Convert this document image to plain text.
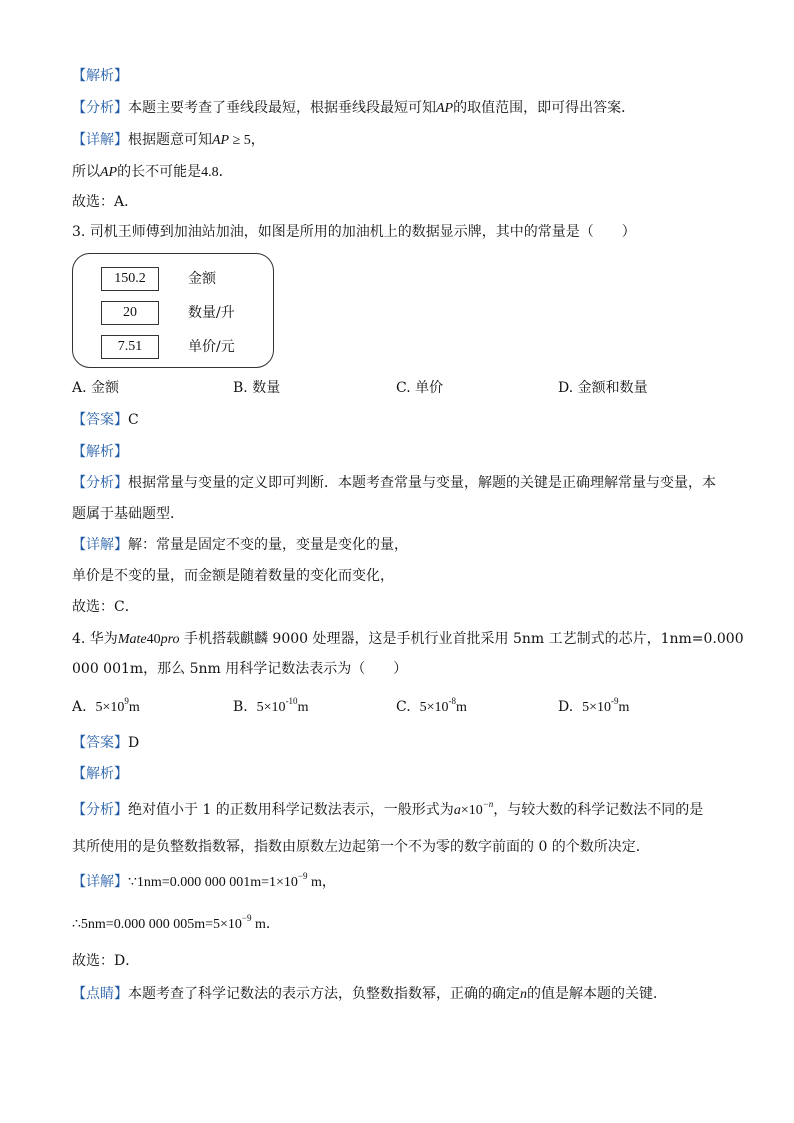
【解析】
【分析】本题主要考查了垂线段最短，根据垂线段最短可知AP的取值范围，即可得出答案．
【详解】根据题意可知AP ≥ 5，
所以AP的长不可能是4.8．
故选：A．
3. 司机王师傅到加油站加油，如图是所用的加油机上的数据显示牌，其中的常量是（　　）
150.2	金额
20	数量/升
7.51	单价/元
A. 金额	B. 数量	C. 单价	D. 金额和数量
【答案】C
【解析】
【分析】根据常量与变量的定义即可判断．本题考查常量与变量，解题的关键是正确理解常量与变量，本
题属于基础题型．
【详解】解：常量是固定不变的量，变量是变化的量，
单价是不变的量，而金额是随着数量的变化而变化，
故选：C．
4. 华为Mate40pro 手机搭载麒麟 9000 处理器，这是手机行业首批采用 5nm 工艺制式的芯片，1nm=0.000
000 001m，那么 5nm 用科学记数法表示为（　　）
A. $5\times 10^9m$	B. $5\times 10^{-10}m$	C. $5\times 10^{-8}m$	D. $5\times 10^{-9}m$
【答案】D
【解析】
【分析】绝对值小于 1 的正数用科学记数法表示，一般形式为$a\times 10^{-n}$，与较大数的科学记数法不同的是
其所使用的是负整数指数幂，指数由原数左边起第一个不为零的数字前面的 0 的个数所决定．
【详解】∵1nm=0.000 000 $001m=1\times 10^{-9}$ m，
∴5nm=0.000 000 $005m=5\times 10^{-9}$ m．
故选：D．
【点睛】本题考查了科学记数法的表示方法，负整数指数幂，正确的确定n的值是解本题的关键．
